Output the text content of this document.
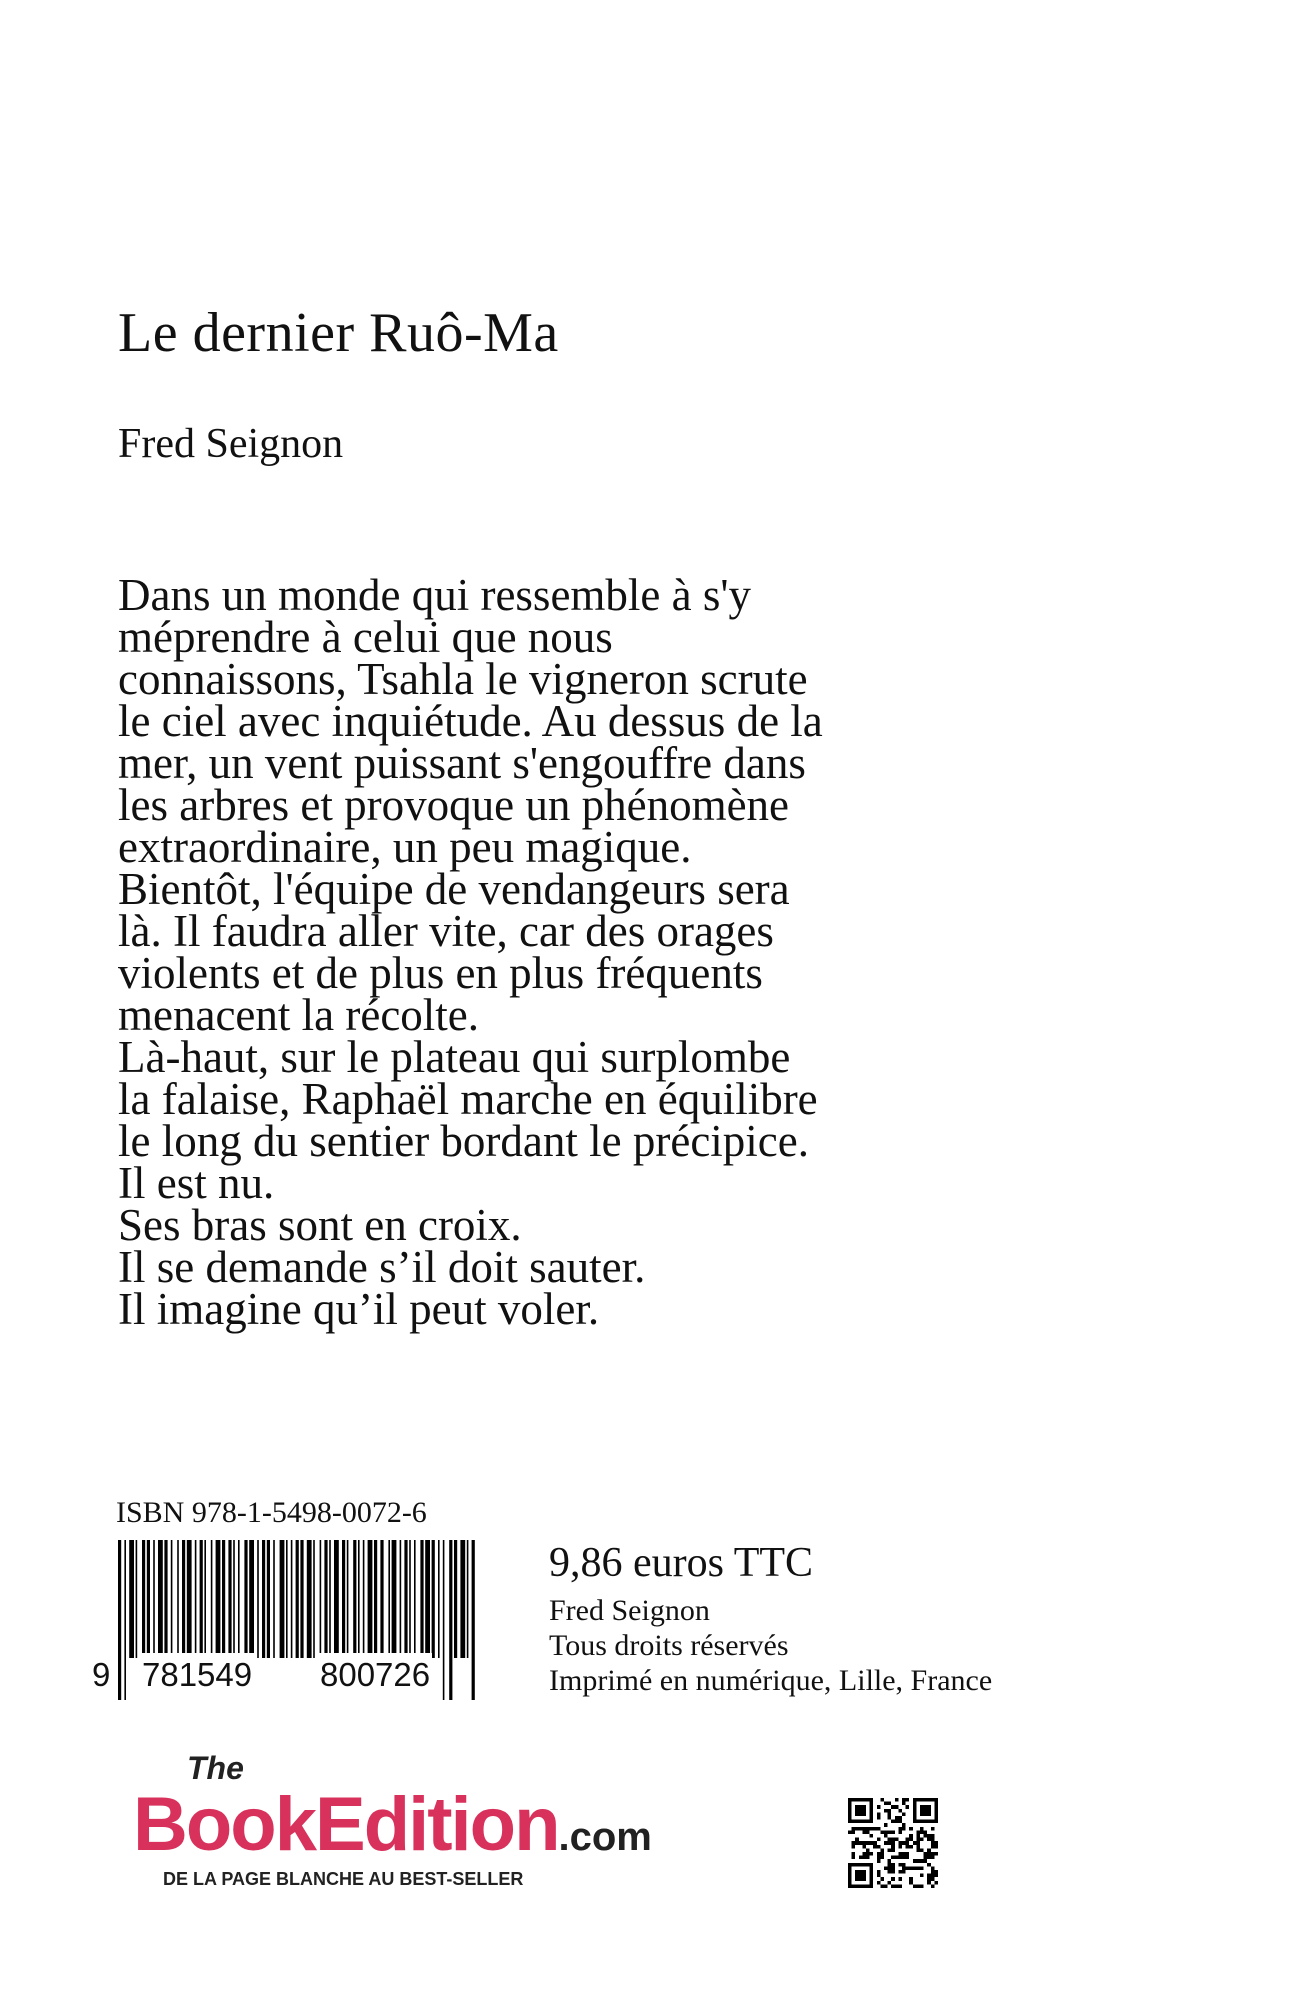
Le dernier Ruô-Ma
Fred Seignon
Dans un monde qui ressemble à s'y
méprendre à celui que nous
connaissons, Tsahla le vigneron scrute
le ciel avec inquiétude. Au dessus de la
mer, un vent puissant s'engouffre dans
les arbres et provoque un phénomène
extraordinaire, un peu magique.
Bientôt, l'équipe de vendangeurs sera
là. Il faudra aller vite, car des orages
violents et de plus en plus fréquents
menacent la récolte.
Là-haut, sur le plateau qui surplombe
la falaise, Raphaël marche en équilibre
le long du sentier bordant le précipice.
Il est nu.
Ses bras sont en croix.
Il se demande s’il doit sauter.
Il imagine qu’il peut voler.
ISBN 978-1-5498-0072-6
9 781549 800726
9,86 euros TTC
Fred Seignon
Tous droits réservés
Imprimé en numérique, Lille, France
The
BookEdition.com
DE LA PAGE BLANCHE AU BEST-SELLER
